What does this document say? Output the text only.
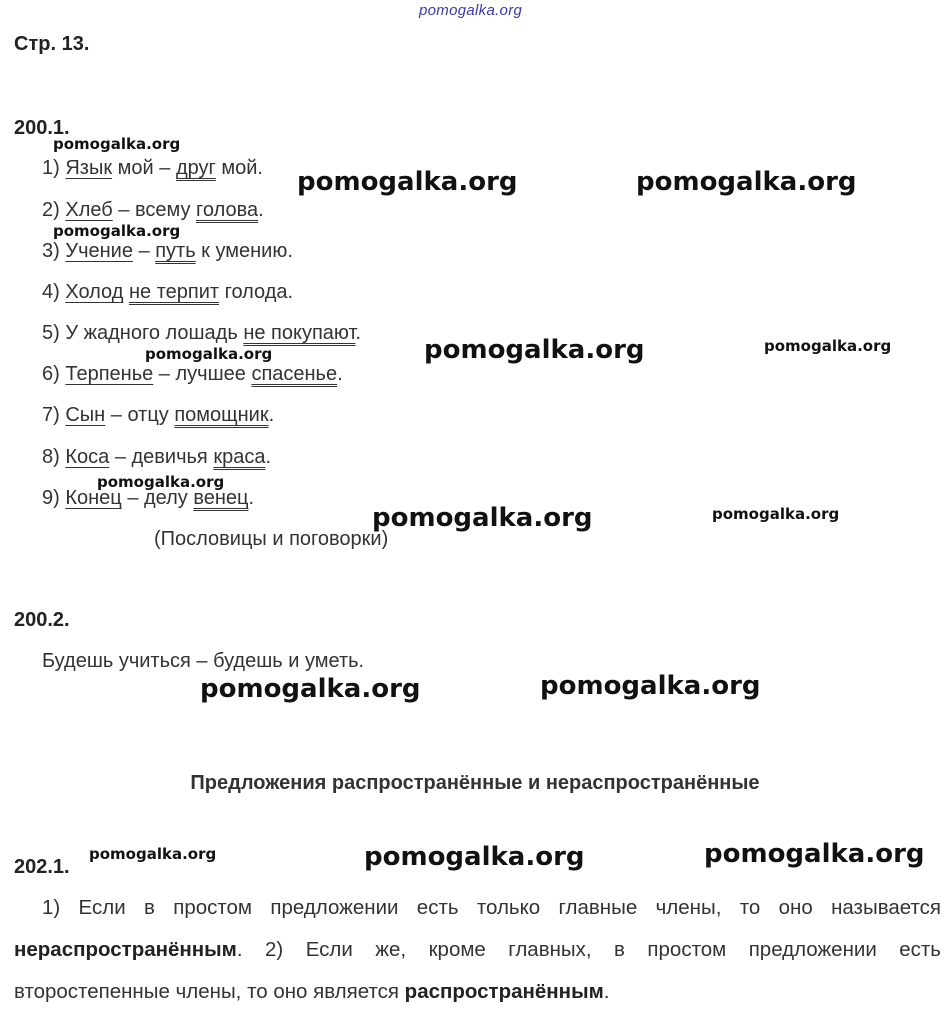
pomogalka.org
Стр. 13.
200.1.
1) Язык мой – друг мой.
2) Хлеб – всему голова.
3) Учение – путь к умению.
4) Холод не терпит голода.
5) У жадного лошадь не покупают.
6) Терпенье – лучшее спасенье.
7) Сын – отцу помощник.
8) Коса – девичья краса.
9) Конец – делу венец.
(Пословицы и поговорки)
200.2.
Будешь учиться – будешь и уметь.
Предложения распространённые и нераспространённые
202.1.
1) Если в простом предложении есть только главные члены, то оно называется
нераспространённым. 2) Если же, кроме главных, в простом предложении есть
второстепенные члены, то оно является распространённым.
pomogalka.org
pomogalka.org	pomogalka.org
pomogalka.org
pomogalka.org	pomogalka.org	pomogalka.org
pomogalka.org
pomogalka.org	pomogalka.org
pomogalka.org	pomogalka.org
pomogalka.org	pomogalka.org	pomogalka.org
